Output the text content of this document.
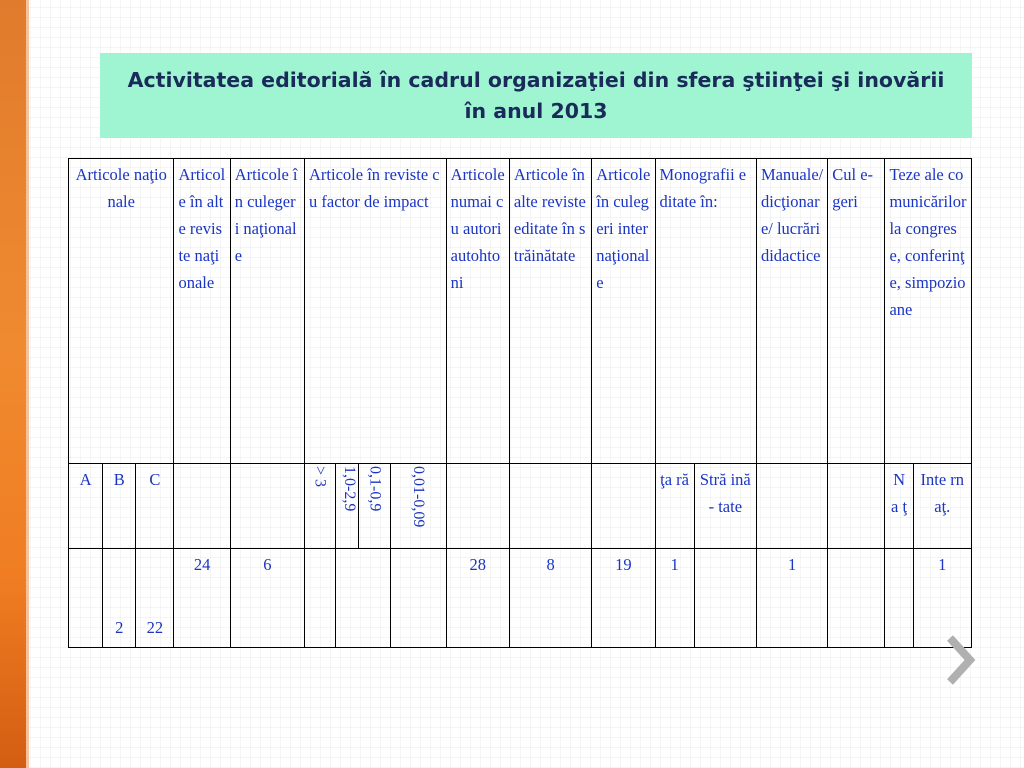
Activitatea editorială în cadrul organizaţiei din sfera ştiinţei şi inovării în anul 2013
Articole naţionale			Articole în alte reviste naţionale	Articole în culegeri naţionale	Articole în reviste cu factor de impact				Articole numai cu autori autohtoni	Articole în alte reviste editate în străinătate	Articole în culegeri internaţionale	Monografii editate în:		Manuale/ dicţionare/ lucrări didactice	Cul e- geri	Teze ale comunicărilor la congrese, conferinţe, simpozioane	
A	B	C			> 3	1,0-2,9	0,1-0,9	0,01-0,09				ţa ră	Stră ină- tate			N a ţ	Inte rnaţ.
	2	22	24	6					28	8	19	1		1			1
